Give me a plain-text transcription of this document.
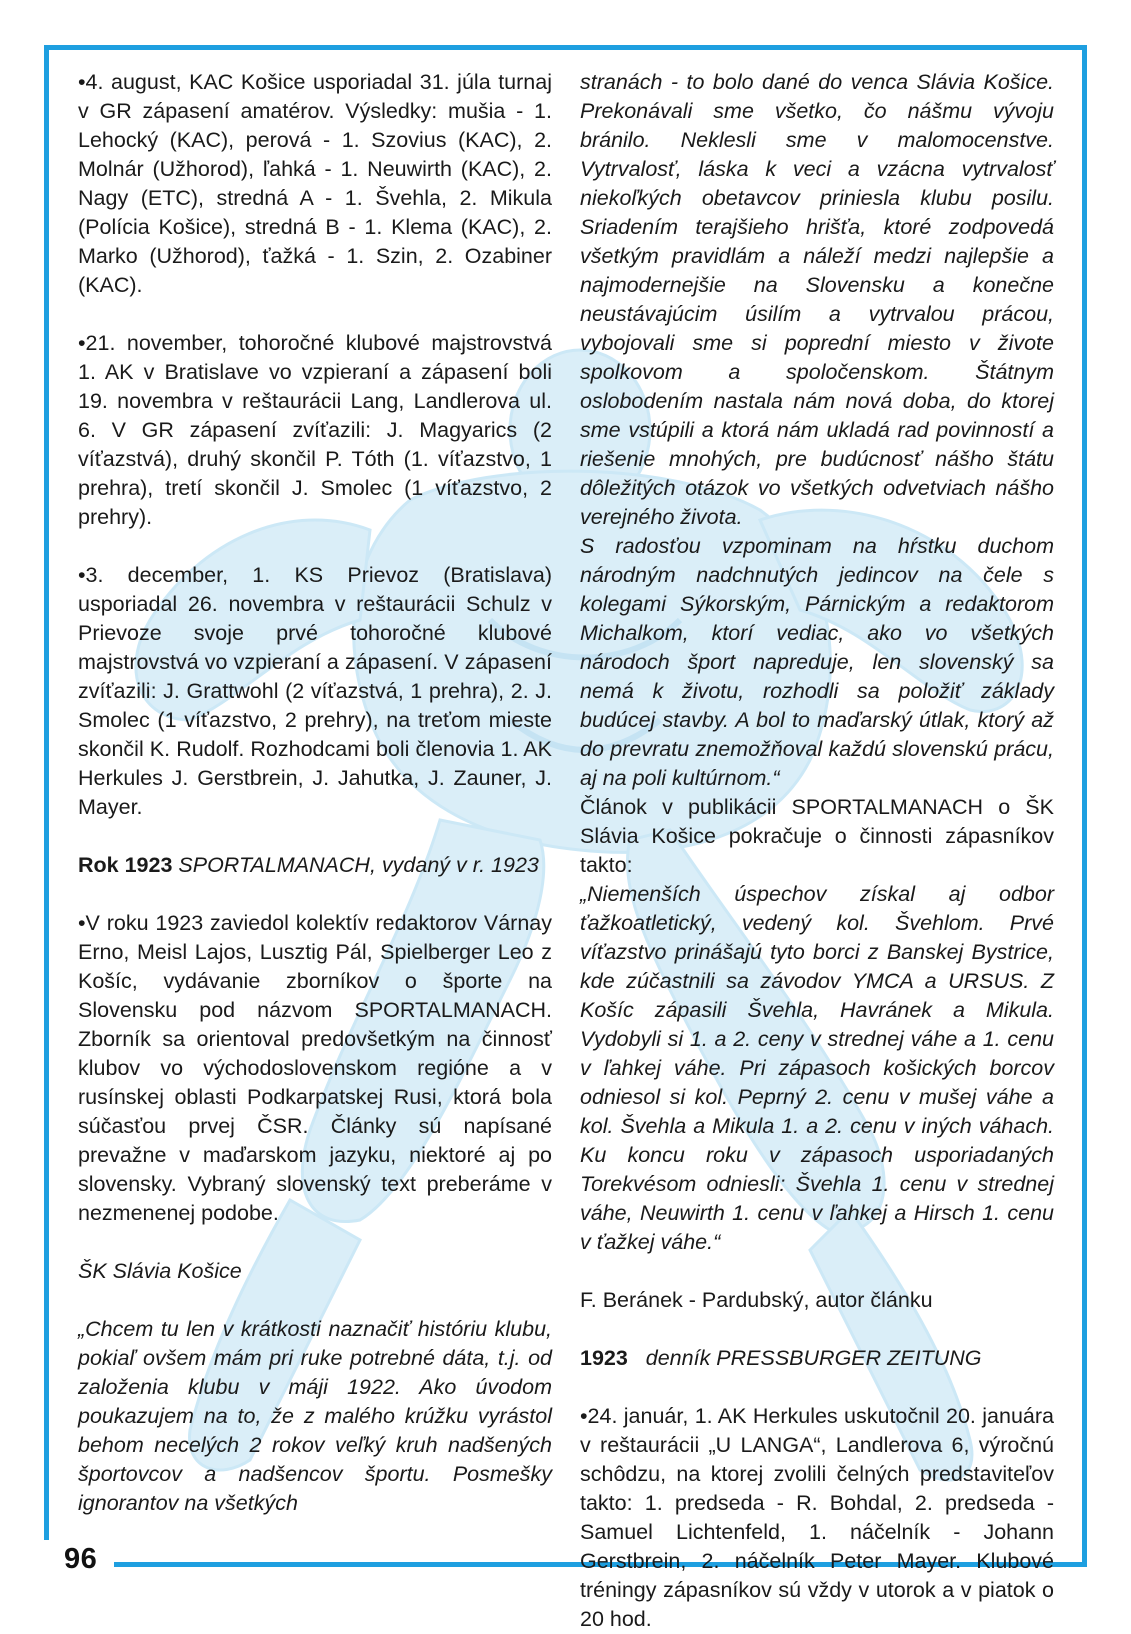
96

•4. august, KAC Košice usporiadal 31. júla turnaj v GR zápasení amatérov. Výsledky: mušia - 1. Lehocký (KAC), perová - 1. Szovius (KAC), 2. Molnár (Užhorod), ľahká - 1. Neuwirth (KAC), 2. Nagy (ETC), stredná A - 1. Švehla, 2. Mikula (Polícia Košice), stredná B - 1. Klema (KAC), 2. Marko (Užhorod), ťažká - 1. Szin, 2. Ozabiner (KAC).

•21. november, tohoročné klubové majstrovstvá 1. AK v Bratislave vo vzpieraní a zápasení boli 19. novembra v reštaurácii Lang, Landlerova ul. 6. V GR zápasení zvíťazili: J. Magyarics (2 víťazstvá), druhý skončil P. Tóth (1. víťazstvo, 1 prehra), tretí skončil J. Smolec (1 víťazstvo, 2 prehry).

•3. december, 1. KS Prievoz (Bratislava) usporiadal 26. novembra v reštaurácii Schulz v Prievoze svoje prvé tohoročné klubové majstrovstvá vo vzpieraní a zápasení. V zápasení zvíťazili: J. Grattwohl (2 víťazstvá, 1 prehra), 2. J. Smolec (1 víťazstvo, 2 prehry), na treťom mieste skončil K. Rudolf. Rozhodcami boli členovia 1. AK Herkules J. Gerstbrein, J. Jahutka, J. Zauner, J. Mayer.

Rok 1923 SPORTALMANACH, vydaný v r. 1923

•V roku 1923 zaviedol kolektív redaktorov Várnay Erno, Meisl Lajos, Lusztig Pál, Spielberger Leo z Košíc, vydávanie zborníkov o športe na Slovensku pod názvom SPORTALMANACH. Zborník sa orientoval predovšetkým na činnosť klubov vo východoslovenskom regióne a v rusínskej oblasti Podkarpatskej Rusi, ktorá bola súčasťou prvej ČSR. Články sú napísané prevažne v maďarskom jazyku, niektoré aj po slovensky. Vybraný slovenský text preberáme v nezmenenej podobe.

ŠK Slávia Košice

„Chcem tu len v krátkosti naznačiť históriu klubu, pokiaľ ovšem mám pri ruke potrebné dáta, t.j. od založenia klubu v máji 1922. Ako úvodom poukazujem na to, že z malého krúžku vyrástol behom necelých 2 rokov veľký kruh nadšených športovcov a nadšencov športu. Posmešky ignorantov na všetkých

stranách - to bolo dané do venca Slávia Košice. Prekonávali sme všetko, čo nášmu vývoju bránilo. Neklesli sme v malomocenstve. Vytrvalosť, láska k veci a vzácna vytrvalosť niekoľkých obetavcov priniesla klubu posilu. Sriadením terajšieho hrišťa, ktoré zodpovedá všetkým pravidlám a náleží medzi najlepšie a najmodernejšie na Slovensku a konečne neustávajúcim úsilím a vytrvalou prácou, vybojovali sme si poprední miesto v živote spolkovom a spoločenskom. Štátnym oslobodením nastala nám nová doba, do ktorej sme vstúpili a ktorá nám ukladá rad povinností a riešenie mnohých, pre budúcnosť nášho štátu dôležitých otázok vo všetkých odvetviach nášho verejného života.

S radosťou vzpominam na hŕstku duchom národným nadchnutých jedincov na čele s kolegami Sýkorským, Párnickým a redaktorom Michalkom, ktorí vediac, ako vo všetkých národoch šport napreduje, len slovenský sa nemá k životu, rozhodli sa položiť základy budúcej stavby. A bol to maďarský útlak, ktorý až do prevratu znemožňoval každú slovenskú prácu, aj na poli kultúrnom.“

Článok v publikácii SPORTALMANACH o ŠK Slávia Košice pokračuje o činnosti zápasníkov takto:

„Niemenších úspechov získal aj odbor ťažkoatletický, vedený kol. Švehlom. Prvé víťazstvo prinášajú tyto borci z Banskej Bystrice, kde zúčastnili sa závodov YMCA a URSUS. Z Košíc zápasili Švehla, Havránek a Mikula. Vydobyli si 1. a 2. ceny v strednej váhe a 1. cenu v ľahkej váhe. Pri zápasoch košických borcov odniesol si kol. Peprný 2. cenu v mušej váhe a kol. Švehla a Mikula 1. a 2. cenu v iných váhach. Ku koncu roku v zápasoch usporiadaných Torekvésom odniesli: Švehla 1. cenu v strednej váhe, Neuwirth 1. cenu v ľahkej a Hirsch 1. cenu v ťažkej váhe.“

F. Beránek - Pardubský, autor článku

1923 denník PRESSBURGER ZEITUNG

•24. január, 1. AK Herkules uskutočnil 20. januára v reštaurácii „U LANGA“, Landlerova 6, výročnú schôdzu, na ktorej zvolili čelných predstaviteľov takto: 1. predseda - R. Bohdal, 2. predseda - Samuel Lichtenfeld, 1. náčelník - Johann Gerstbrein, 2. náčelník Peter Mayer. Klubové tréningy zápasníkov sú vždy v utorok a v piatok o 20 hod.
